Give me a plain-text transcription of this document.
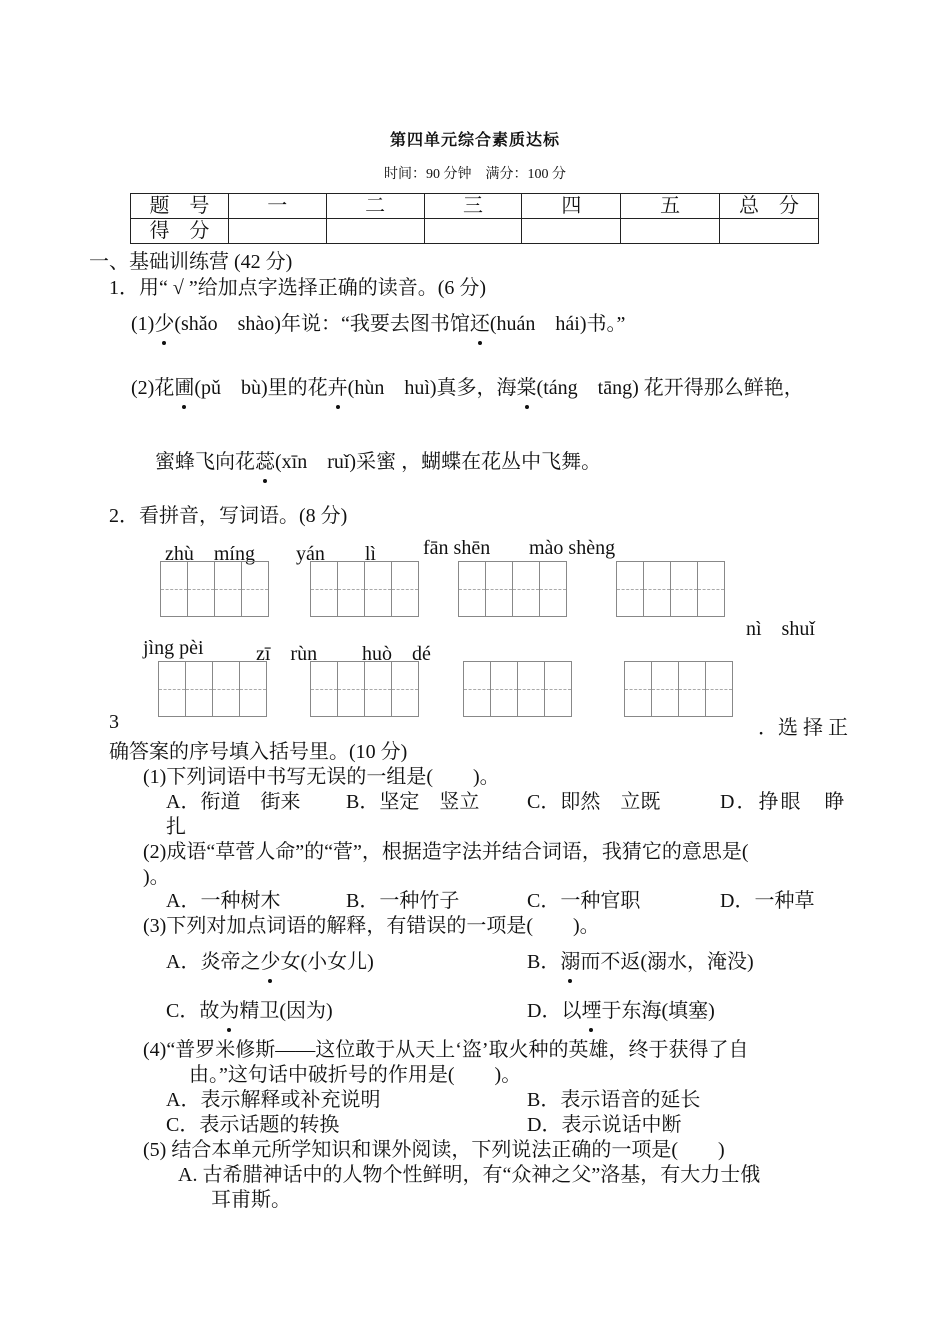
第四单元综合素质达标
时间：90 分钟　满分：100 分
题　号	一	二	三	四	五	总　分
得　分						
一、基础训练营 (42 分)
1．用“ √ ”给加点字选择正确的读音。(6 分)
(1)少(shǎo　shào)年说：“我要去图书馆还(huán　hái)书。”
(2)花圃(pǔ　bù)里的花卉(hùn　huì)真多，海棠(táng　tāng) 花开得那么鲜艳，
蜜蜂飞向花蕊(xīn　ruǐ)采蜜 ，蝴蝶在花丛中飞舞。
2．看拼音，写词语。(8 分)
zhù　míng yán　　lì fān shēn mào shèng
nì　shuǐ
jìng pèi	zī　rùn huò　dé
3	．选 择 正
确答案的序号填入括号里。(10 分)
(1)下列词语中书写无误的一组是(　　)。
A．衔道　街来 B．坚定　竖立 C．即然　立既	D．挣眼　睁
扎
(2)成语“草菅人命”的“菅”，根据造字法并结合词语，我猜它的意思是(
)。
A．一种树木	B．一种竹子	C．一种官职	D．一种草
(3)下列对加点词语的解释，有错误的一项是(　　)。
A．炎帝之少女(小女儿)	B．溺而不返(溺水，淹没)
C．故为精卫(因为)	D．以堙于东海(填塞)
(4)“普罗米修斯——这位敢于从天上‘盗’取火种的英雄，终于获得了自
由。”这句话中破折号的作用是(　　)。
A．表示解释或补充说明	B．表示语音的延长
C．表示话题的转换	D．表示说话中断
(5) 结合本单元所学知识和课外阅读，下列说法正确的一项是(　　)
A. 古希腊神话中的人物个性鲜明，有“众神之父”洛基，有大力士俄
耳甫斯。
